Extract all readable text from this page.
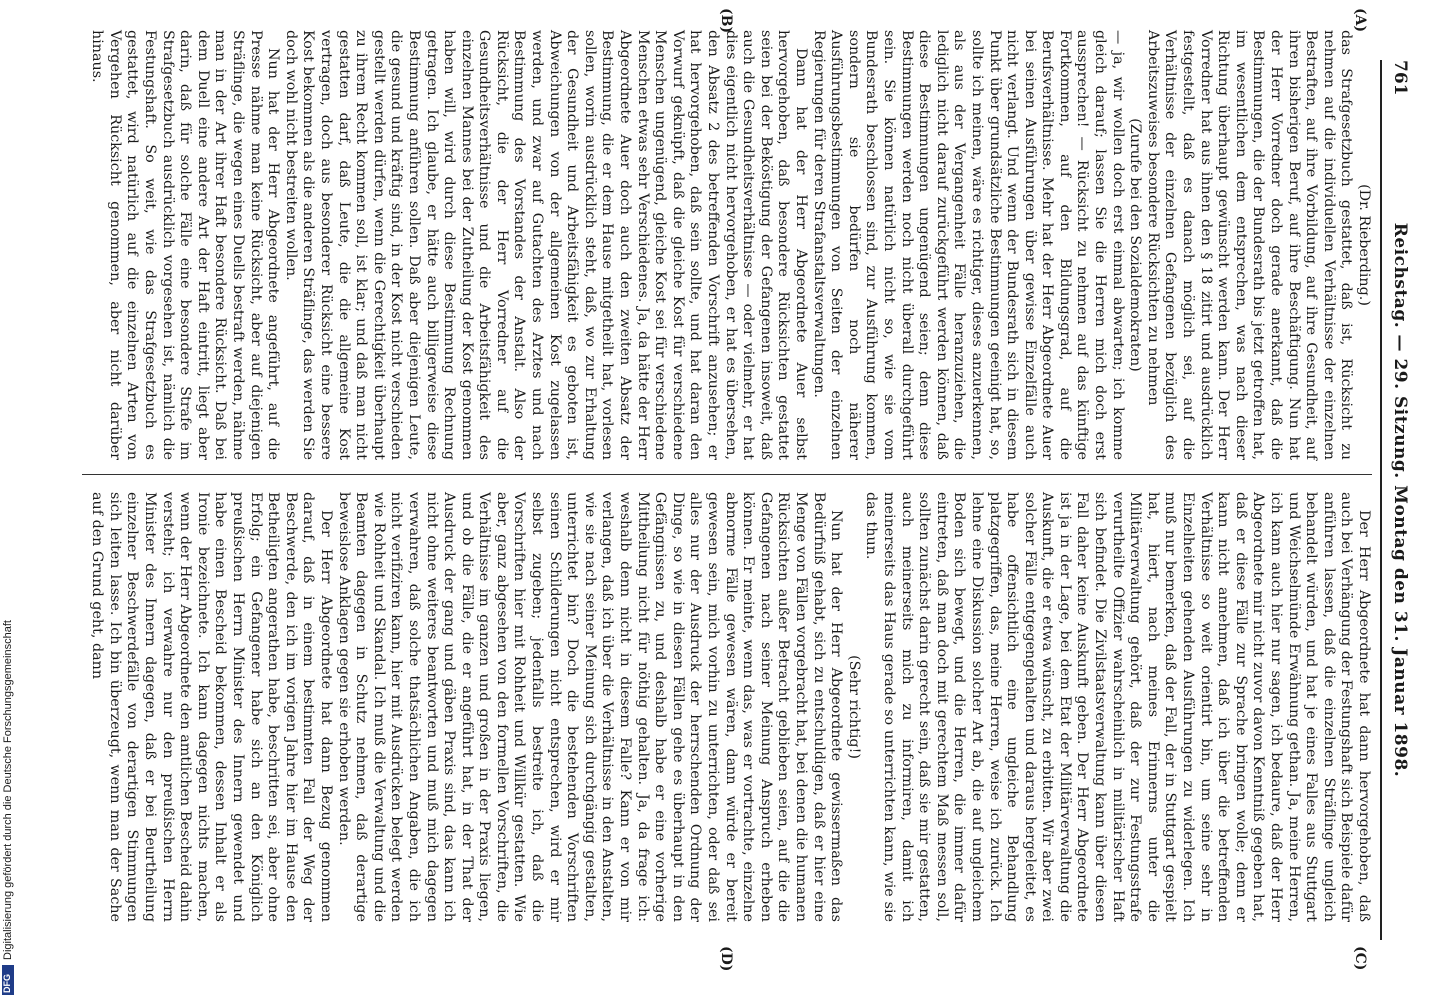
761
Reichstag. — 29. Sitzung. Montag den 31. Januar 1898.
(A)
(B)
(C)
(D)

(Dr. Rieberding.)

das Strafgesetzbuch gestattet, daß ist, Rücksicht zu nehmen auf die individuellen Verhältnisse der einzelnen Bestraften, auf ihre Vorbildung, auf ihre Gesundheit, auf ihren bisherigen Beruf, auf ihre Beschäftigung. Nun hat der Herr Vorredner doch gerade anerkannt, daß die Bestimmungen, die der Bundesrath bis jetzt getroffen hat, im wesentlichen dem entsprechen, was nach dieser Richtung überhaupt gewünscht werden kann. Der Herr Vorredner hat aus ihnen den § 18 zitirt und ausdrücklich festgestellt, daß es danach möglich sei, auf die Verhältnisse der einzelnen Gefangenen bezüglich des Arbeitszuweises besondere Rücksichten zu nehmen

(Zurufe bei den Sozialdemokraten)

— ja, wir wollen doch erst einmal abwarten; ich komme gleich darauf; lassen Sie die Herren mich doch erst aussprechen! — Rücksicht zu nehmen auf das künftige Fortkommen, auf den Bildungsgrad, auf die Berufsverhältnisse. Mehr hat der Herr Abgeordnete Auer bei seinen Ausführungen über gewisse Einzelfälle auch nicht verlangt. Und wenn der Bundesrath sich in diesem Punkt über grundsätzliche Bestimmungen geeinigt hat, so, sollte ich meinen, wäre es richtiger, dieses anzuerkennen, als aus der Vergangenheit Fälle heranzuziehen, die lediglich nicht darauf zurückgeführt werden können, daß diese Bestimmungen ungenügend seien; denn diese Bestimmungen werden noch nicht überall durchgeführt sein. Sie können natürlich nicht so, wie sie vom Bundesrath beschlossen sind, zur Ausführung kommen, sondern sie bedürfen noch näherer Ausführungsbestimmungen von Seiten der einzelnen Regierungen für deren Strafanstaltsverwaltungen.

Dann hat der Herr Abgeordnete Auer selbst hervorgehoben, daß besondere Rücksichten gestattet seien bei der Beköstigung der Gefangenen insoweit, daß auch die Gesundheitsverhältnisse — oder vielmehr, er hat dies eigentlich nicht hervorgehoben, er hat es übersehen, den Absatz 2 des betreffenden Vorschrift anzusehen; er hat hervorgehoben, daß sein sollte, und hat daran den Vorwurf geknüpft, daß die gleiche Kost für verschiedene Menschen ungenügend, gleiche Kost sei für verschiedene Menschen etwas sehr Verschiedenes. Ja, da hätte der Herr Abgeordnete Auer doch auch den zweiten Absatz der Bestimmung, die er dem Hause mitgetheilt hat, vorlesen sollen, worin ausdrücklich steht, daß, wo zur Erhaltung der Gesundheit und Arbeitsfähigkeit es geboten ist, Abweichungen von der allgemeinen Kost zugelassen werden, und zwar auf Gutachten des Arztes und nach Bestimmung des Vorstandes der Anstalt. Also der Rücksicht, die der Herr Vorredner auf die Gesundheitsverhältnisse und die Arbeitsfähigkeit des einzelnen Mannes bei der Zutheilung der Kost genommen haben will, wird durch diese Bestimmung Rechnung getragen. Ich glaube, er hätte auch billigerweise diese Bestimmung anführen sollen. Daß aber diejenigen Leute, die gesund und kräftig sind, in der Kost nicht verschieden gestellt werden dürfen, wenn die Gerechtigkeit überhaupt zu ihrem Recht kommen soll, ist klar; und daß man nicht gestatten darf, daß Leute, die die allgemeine Kost vertragen, doch aus besonderer Rücksicht eine bessere Kost bekommen als die anderen Sträflinge, das werden Sie doch wohl nicht bestreiten wollen.

Nun hat der Herr Abgeordnete angeführt, auf die Presse nähme man keine Rücksicht, aber auf diejenigen Sträflinge, die wegen eines Duells bestraft werden, nähme man in der Art ihrer Haft besondere Rücksicht. Daß bei dem Duell eine andere Art der Haft eintritt, liegt aber darin, daß für solche Fälle eine besondere Strafe im Strafgesetzbuch ausdrücklich vorgesehen ist, nämlich die Festungshaft. So weit, wie das Strafgesetzbuch es gestattet, wird natürlich auf die einzelnen Arten von Vergehen Rücksicht genommen, aber nicht darüber hinaus.

Der Herr Abgeordnete hat dann hervorgehoben, daß auch bei Verhängung der Festungshaft sich Beispiele dafür anführen lassen, daß die einzelnen Sträflinge ungleich behandelt würden, und hat je eines Falles aus Stuttgart und Weichselmünde Erwähnung gethan. Ja, meine Herren, ich kann auch hier nur sagen, ich bedaure, daß der Herr Abgeordnete mir nicht zuvor davon Kenntniß gegeben hat, daß er diese Fälle zur Sprache bringen wolle; denn er kann nicht annehmen, daß ich über die betreffenden Verhältnisse so weit orientirt bin, um seine sehr in Einzelheiten gehenden Ausführungen zu widerlegen. Ich muß nur bemerken, daß der Fall, der in Stuttgart gespielt hat, hiert, nach meines Erinnerns unter die Militärverwaltung gehört, daß der zur Festungsstrafe verurtheilte Offizier wahrscheinlich in militärischer Haft sich befindet. Die Zivilstaatsverwaltung kann über diesen Fall daher keine Auskunft geben. Der Herr Abgeordnete ist ja in der Lage, bei dem Etat der Militärverwaltung die Auskunft, die er etwa wünscht, zu erbitten. Wir aber zwei solcher Fälle entgegengehalten und daraus hergeleitet, es habe offensichtlich eine ungleiche Behandlung platzgegriffen, das, meine Herren, weise ich zurück. Ich lehne eine Diskussion solcher Art ab, die auf ungleichem Boden sich bewegt, und die Herren, die immer dafür eintreten, daß man doch mit gerechtem Maß messen soll, sollten zunächst darin gerecht sein, daß sie mir gestatten, auch meinerseits mich zu informiren, damit ich meinerseits das Haus gerade so unterrichten kann, wie sie das thun.

(Sehr richtig!)

Nun hat der Herr Abgeordnete gewissermaßen das Bedürfniß gehabt, sich zu entschuldigen, daß er hier eine Menge von Fällen vorgebracht hat, bei denen die humanen Rücksichten außer Betracht geblieben seien, auf die die Gefangenen nach seiner Meinung Anspruch erheben können. Er meinte, wenn das, was er vortrachte, einzelne abnorme Fälle gewesen wären, dann würde er bereit gewesen sein, mich vorhin zu unterrichten, oder daß sei alles nur der Ausdruck der herrschenden Ordnung der Dinge, so wie in diesen Fällen gehe es überhaupt in den Gefängnissen zu, und deshalb habe er eine vorherige Mittheilung nicht für nöthig gehalten. Ja, da frage ich: weshalb denn nicht in diesem Falle? Kann er von mir verlangen, daß ich über die Verhältnisse in den Anstalten, wie sie nach seiner Meinung sich durchgängig gestalten, unterrichtet bin? Doch die bestehenden Vorschriften seinen Schilderungen nicht entsprechen, wird er mir selbst zugeben; jedenfalls bestreite ich, daß die Vorschriften hier mit Rohheit und Willkür gestatten. Wie aber, ganz abgesehen von den formellen Vorschriften, die Verhältnisse im ganzen und großen in der Praxis liegen, und ob die Fälle, die er angeführt hat, in der That der Ausdruck der gang und gäben Praxis sind, das kann ich nicht ohne weiteres beantworten und muß mich dagegen verwahren, daß solche thatsächlichen Angaben, die ich nicht verifiziren kann, hier mit Ausdrücken belegt werden wie Rohheit und Skandal. Ich muß die Verwaltung und die Beamten dagegen in Schutz nehmen, daß derartige beweislose Anklagen gegen sie erhoben werden.

Der Herr Abgeordnete hat dann Bezug genommen darauf, daß in einem bestimmten Fall der Weg der Beschwerde, den ich im vorigen Jahre hier im Hause den Betheiligten angerathen habe, beschritten sei, aber ohne Erfolg; ein Gefangener habe sich an den Königlich preußischen Herrn Minister des Innern gewendet und habe einen Bescheid bekommen, dessen Inhalt er als Ironie bezeichnete. Ich kann dagegen nichts machen, wenn der Herr Abgeordnete den amtlichen Bescheid dahin versteht; ich verwahre nur den preußischen Herrn Minister des Innern dagegen, daß er bei Beurtheilung einzelner Beschwerdefälle von derartigen Stimmungen sich leiten lasse. Ich bin überzeugt, wenn man der Sache auf den Grund geht, dann

Digitalisierung gefördert durch die Deutsche Forschungsgemeinschaft
DFG
